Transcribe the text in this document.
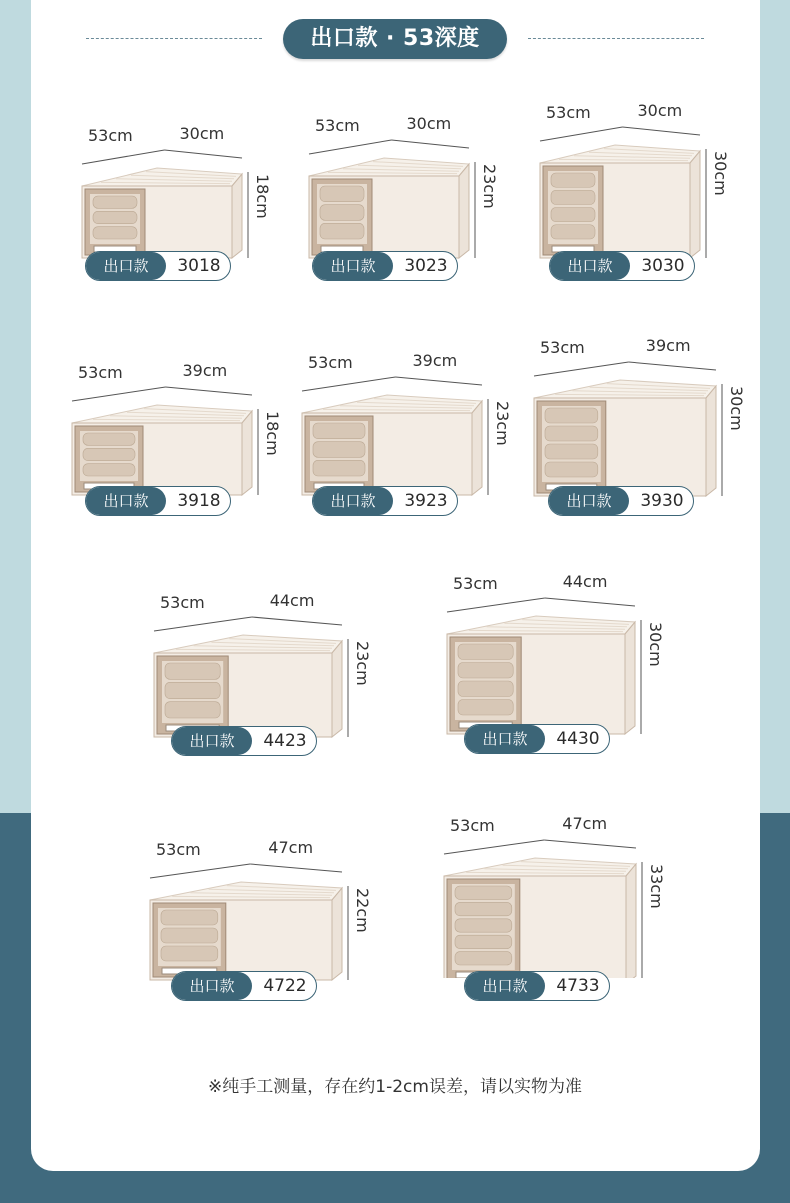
出口款 · 53深度
53cm	30cm
18cm
53cm	30cm
23cm
53cm	30cm
30cm
53cm	39cm
18cm
53cm	39cm
23cm
53cm	39cm
30cm
53cm	44cm
23cm
53cm	44cm
30cm
53cm	47cm
22cm
53cm	47cm
33cm
出口款	3018	出口款	3023	出口款	3030
出口款	3918	出口款	3923	出口款	3930
出口款	4423	出口款	4430
出口款	4722	出口款	4733
※纯手工测量，存在约1-2cm误差，请以实物为准
